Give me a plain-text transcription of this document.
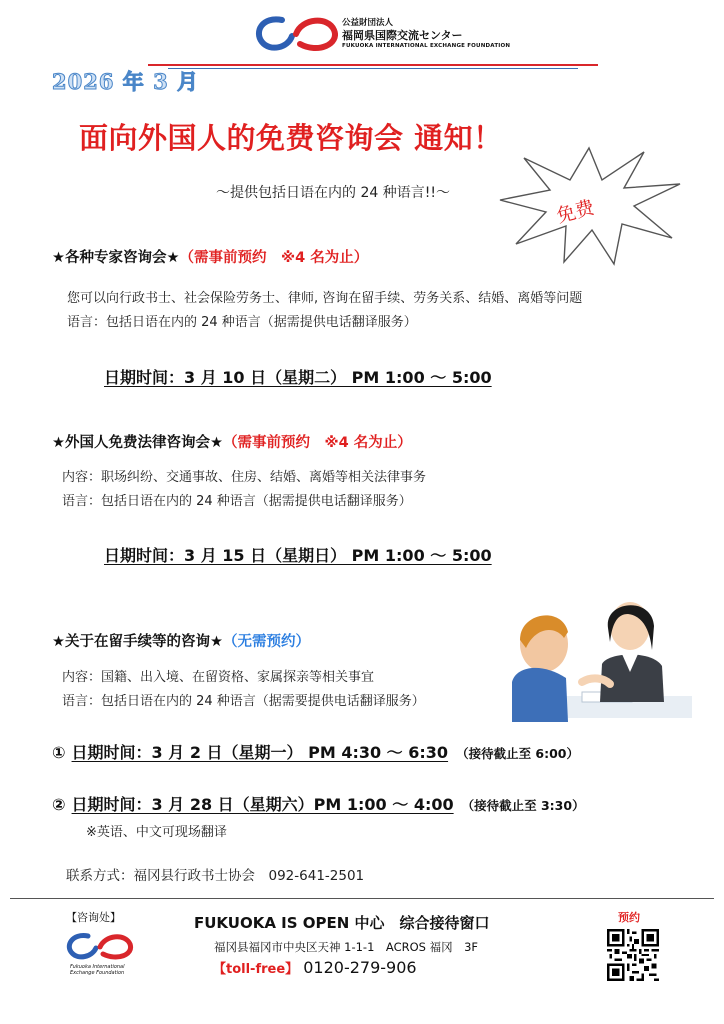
公益財団法人
福岡県国際交流センター
FUKUOKA INTERNATIONAL EXCHANGE FOUNDATION
2026 年 3 月
面向外国人的免费咨询会 通知！
～提供包括日语在内的 24 种语言!!～
免费
★各种专家咨询会★（需事前预约　※4 名为止）
您可以向行政书士、社会保险劳务士、律师, 咨询在留手续、劳务关系、结婚、离婚等问题
语言：包括日语在内的 24 种语言（据需提供电话翻译服务）
日期时间：3 月 10 日（星期二） PM 1:00 ～ 5:00
★外国人免费法律咨询会★（需事前预约　※4 名为止）
内容：职场纠纷、交通事故、住房、结婚、离婚等相关法律事务
语言：包括日语在内的 24 种语言（据需提供电话翻译服务）
日期时间：3 月 15 日（星期日） PM 1:00 ～ 5:00
★关于在留手续等的咨询★（无需预约）
内容：国籍、出入境、在留资格、家属探亲等相关事宜
语言：包括日语在内的 24 种语言（据需要提供电话翻译服务）
① 日期时间：3 月 2 日（星期一） PM 4:30 ～ 6:30 （接待截止至 6:00）
② 日期时间：3 月 28 日（星期六）PM 1:00 ～ 4:00 （接待截止至 3:30）
※英语、中文可现场翻译
联系方式：福冈县行政书士协会　092-641-2501
【咨询处】
Fukuoka International Exchange Foundation
FUKUOKA IS OPEN 中心　综合接待窗口
福冈县福冈市中央区天神 1-1-1　ACROS 福冈　3F
【toll-free】 0120-279-906
预约
